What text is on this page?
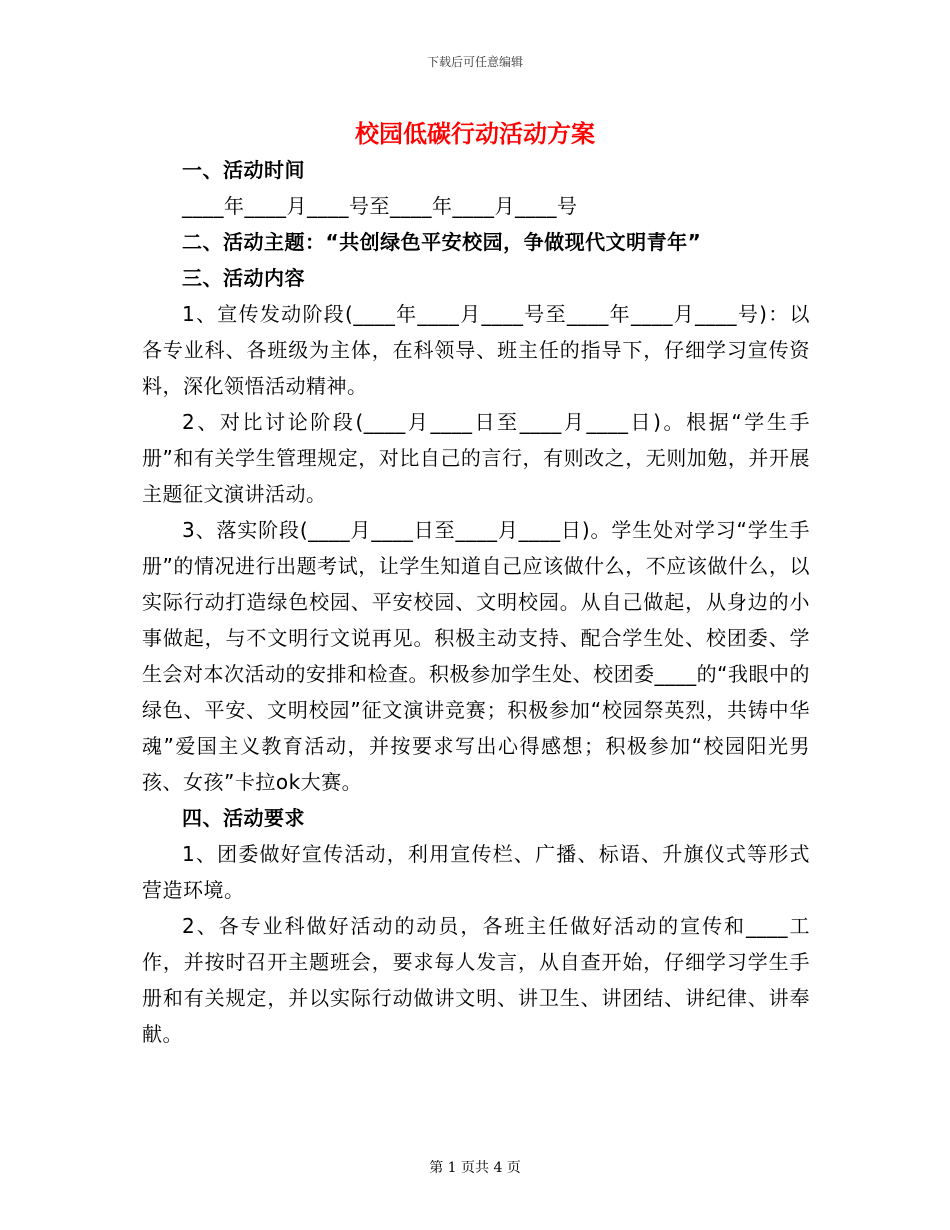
下载后可任意编辑
校园低碳行动活动方案
一、活动时间
____年____月____号至____年____月____号
二、活动主题：“共创绿色平安校园，争做现代文明青年”
三、活动内容
1、宣传发动阶段(____年____月____号至____年____月____号)：以各专业科、各班级为主体，在科领导、班主任的指导下，仔细学习宣传资料，深化领悟活动精神。
2、对比讨论阶段(____月____日至____月____日)。根据“学生手册”和有关学生管理规定，对比自己的言行，有则改之，无则加勉，并开展主题征文演讲活动。
3、落实阶段(____月____日至____月____日)。学生处对学习“学生手册”的情况进行出题考试，让学生知道自己应该做什么，不应该做什么，以实际行动打造绿色校园、平安校园、文明校园。从自己做起，从身边的小事做起，与不文明行文说再见。积极主动支持、配合学生处、校团委、学生会对本次活动的安排和检查。积极参加学生处、校团委____的“我眼中的绿色、平安、文明校园”征文演讲竞赛；积极参加“校园祭英烈，共铸中华魂”爱国主义教育活动，并按要求写出心得感想；积极参加“校园阳光男孩、女孩”卡拉ok大赛。
四、活动要求
1、团委做好宣传活动，利用宣传栏、广播、标语、升旗仪式等形式营造环境。
2、各专业科做好活动的动员，各班主任做好活动的宣传和____工作，并按时召开主题班会，要求每人发言，从自查开始，仔细学习学生手册和有关规定，并以实际行动做讲文明、讲卫生、讲团结、讲纪律、讲奉献。
第 1 页共 4 页
